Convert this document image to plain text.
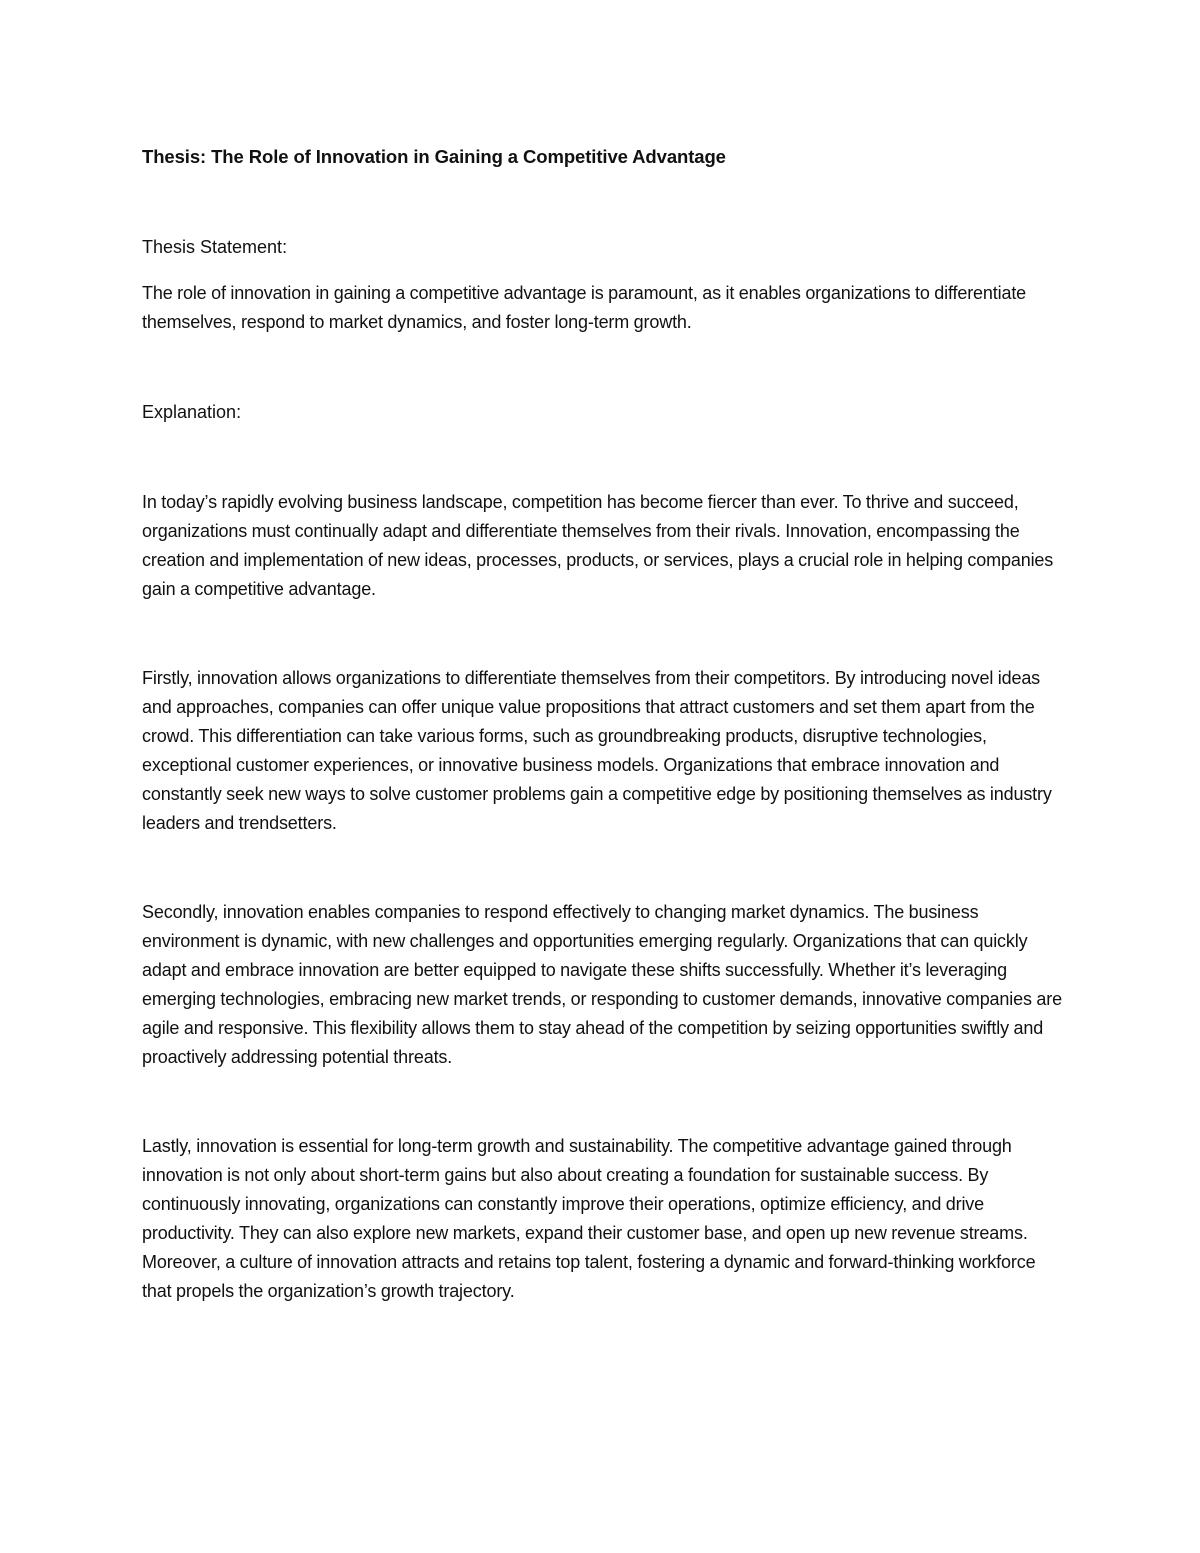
Thesis: The Role of Innovation in Gaining a Competitive Advantage

Thesis Statement:

The role of innovation in gaining a competitive advantage is paramount, as it enables organizations to differentiate themselves, respond to market dynamics, and foster long-term growth.

Explanation:

In today’s rapidly evolving business landscape, competition has become fiercer than ever. To thrive and succeed, organizations must continually adapt and differentiate themselves from their rivals. Innovation, encompassing the creation and implementation of new ideas, processes, products, or services, plays a crucial role in helping companies gain a competitive advantage.

Firstly, innovation allows organizations to differentiate themselves from their competitors. By introducing novel ideas and approaches, companies can offer unique value propositions that attract customers and set them apart from the crowd. This differentiation can take various forms, such as groundbreaking products, disruptive technologies, exceptional customer experiences, or innovative business models. Organizations that embrace innovation and constantly seek new ways to solve customer problems gain a competitive edge by positioning themselves as industry leaders and trendsetters.

Secondly, innovation enables companies to respond effectively to changing market dynamics. The business environment is dynamic, with new challenges and opportunities emerging regularly. Organizations that can quickly adapt and embrace innovation are better equipped to navigate these shifts successfully. Whether it’s leveraging emerging technologies, embracing new market trends, or responding to customer demands, innovative companies are agile and responsive. This flexibility allows them to stay ahead of the competition by seizing opportunities swiftly and proactively addressing potential threats.

Lastly, innovation is essential for long-term growth and sustainability. The competitive advantage gained through innovation is not only about short-term gains but also about creating a foundation for sustainable success. By continuously innovating, organizations can constantly improve their operations, optimize efficiency, and drive productivity. They can also explore new markets, expand their customer base, and open up new revenue streams. Moreover, a culture of innovation attracts and retains top talent, fostering a dynamic and forward-thinking workforce that propels the organization’s growth trajectory.
